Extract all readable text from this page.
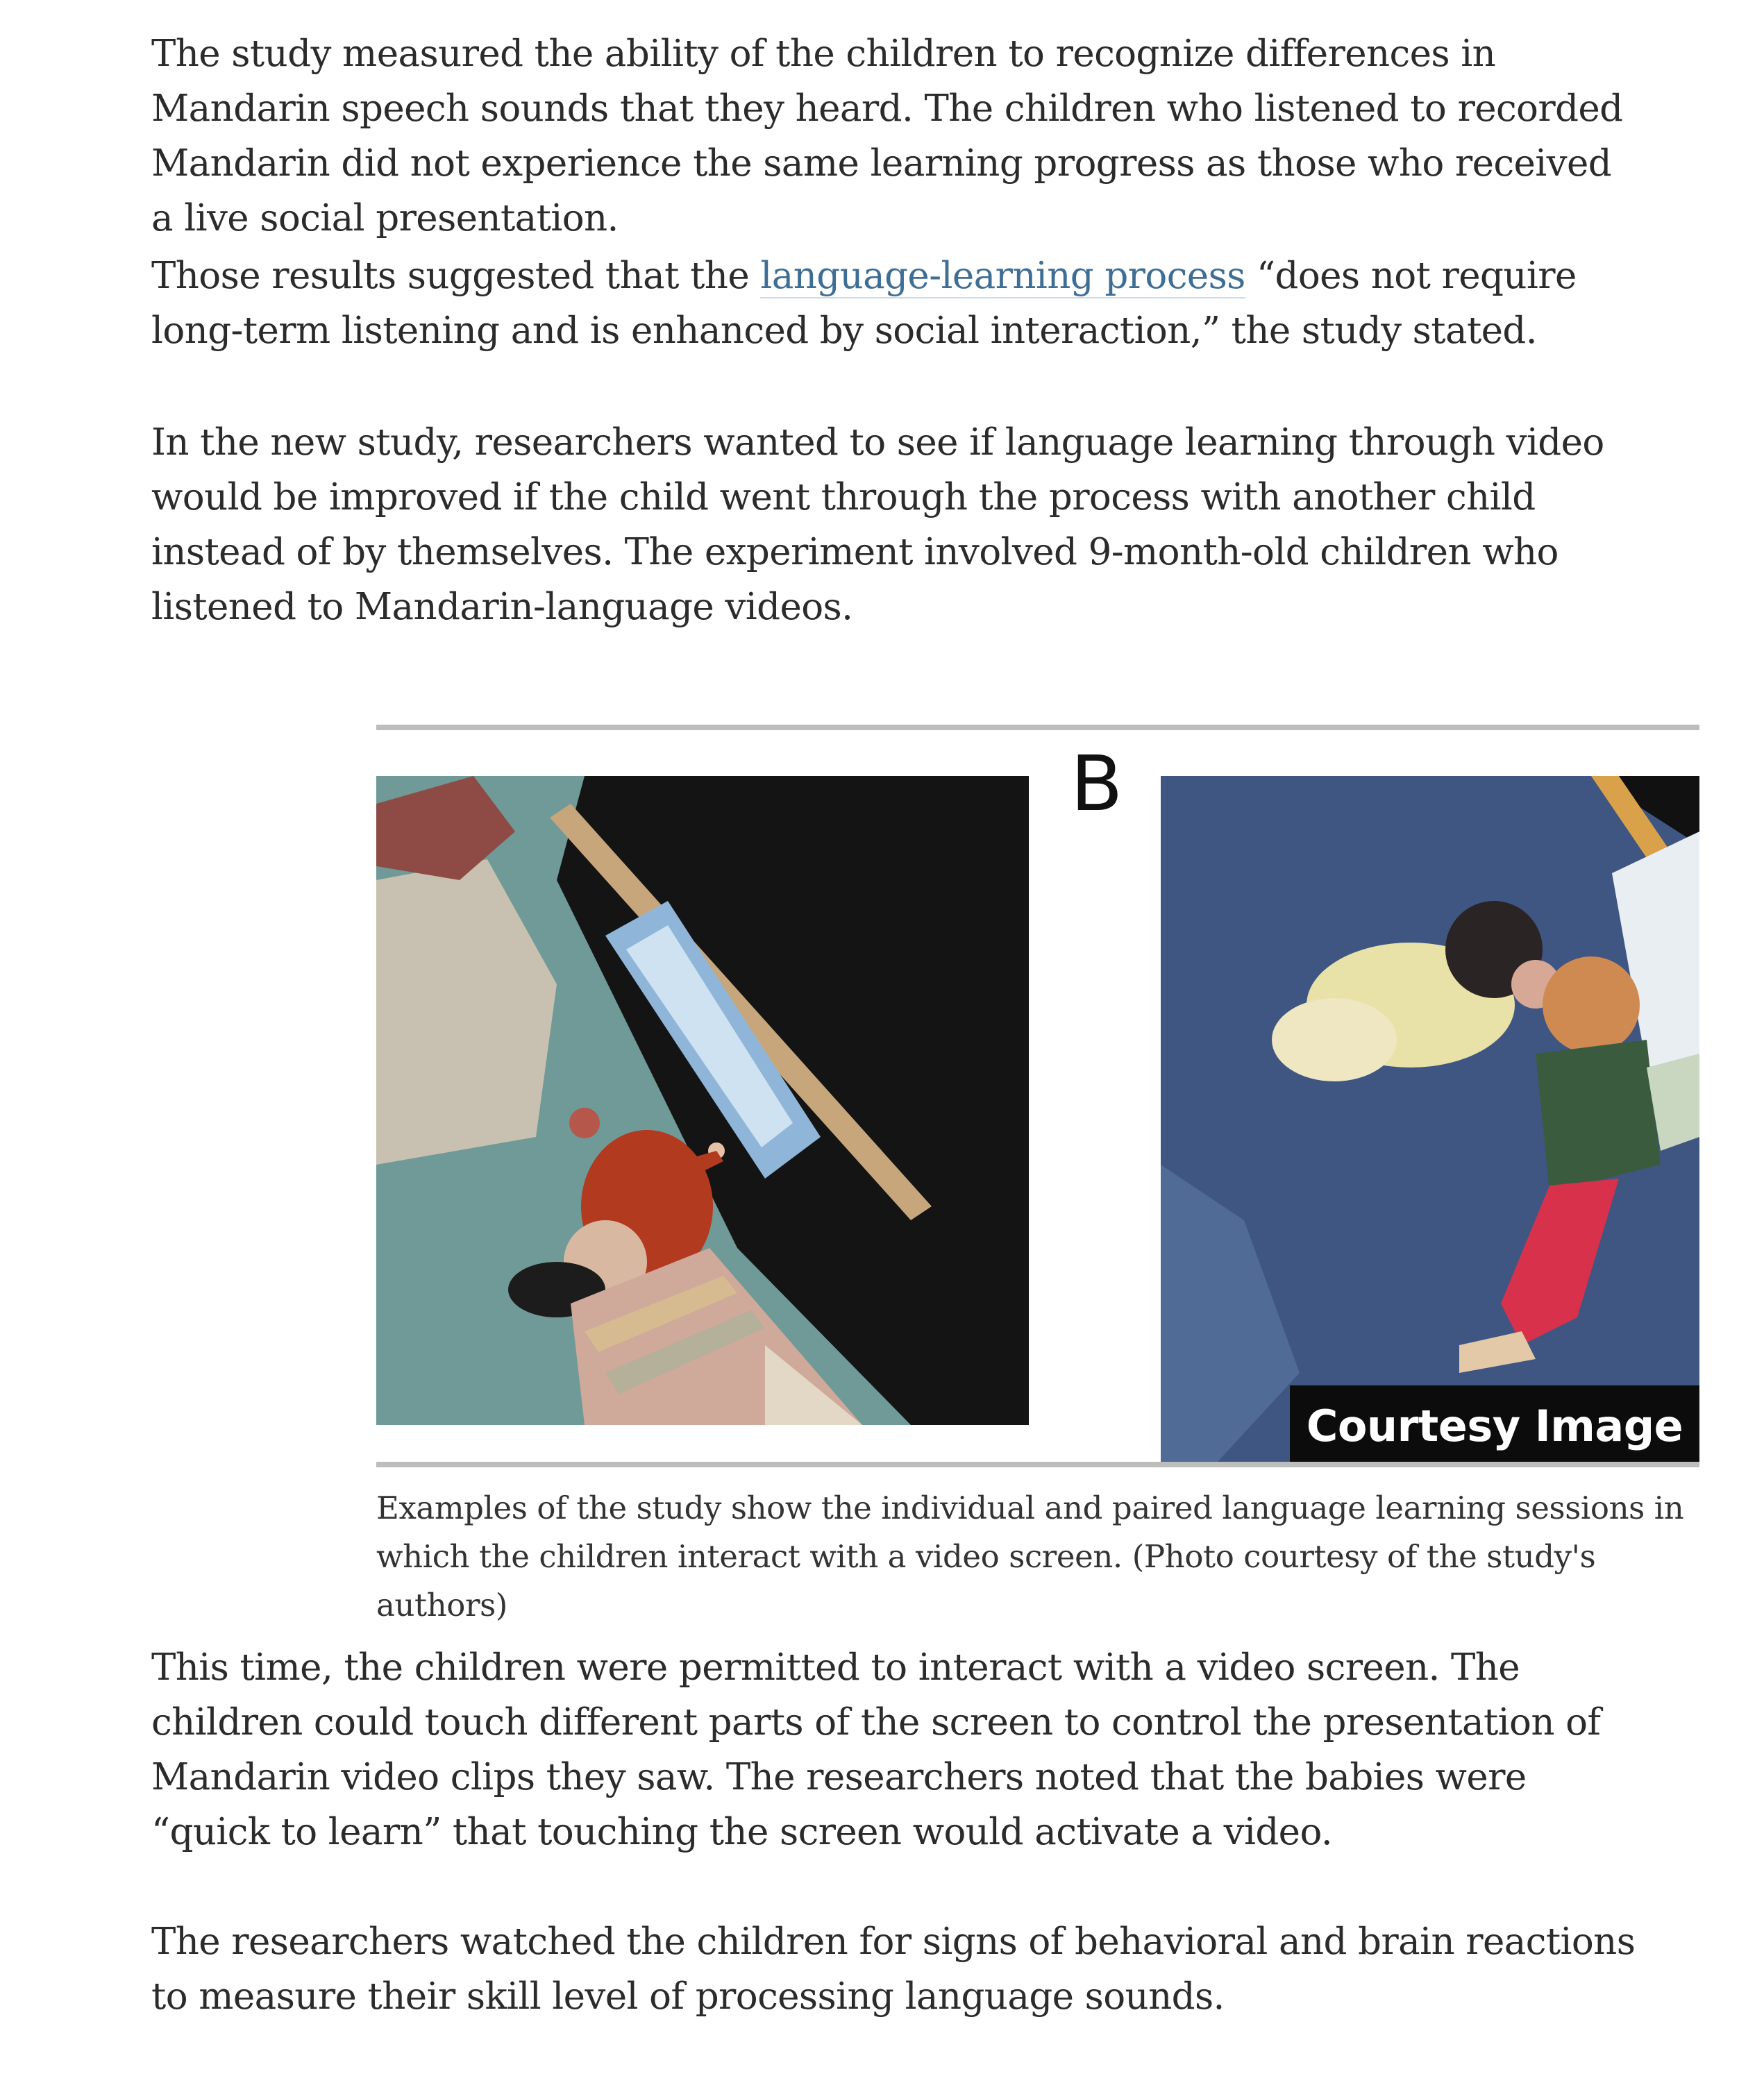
The study measured the ability of the children to recognize differences in Mandarin speech sounds that they heard. The children who listened to recorded Mandarin did not experience the same learning progress as those who received a live social presentation.

Those results suggested that the language-learning process “does not require long-term listening and is enhanced by social interaction,” the study stated.

In the new study, researchers wanted to see if language learning through video would be improved if the child went through the process with another child instead of by themselves. The experiment involved 9-month-old children who listened to Mandarin-language videos.

B
Courtesy Image

Examples of the study show the individual and paired language learning sessions in which the children interact with a video screen. (Photo courtesy of the study's authors)

This time, the children were permitted to interact with a video screen. The children could touch different parts of the screen to control the presentation of Mandarin video clips they saw. The researchers noted that the babies were “quick to learn” that touching the screen would activate a video.

The researchers watched the children for signs of behavioral and brain reactions to measure their skill level of processing language sounds.
